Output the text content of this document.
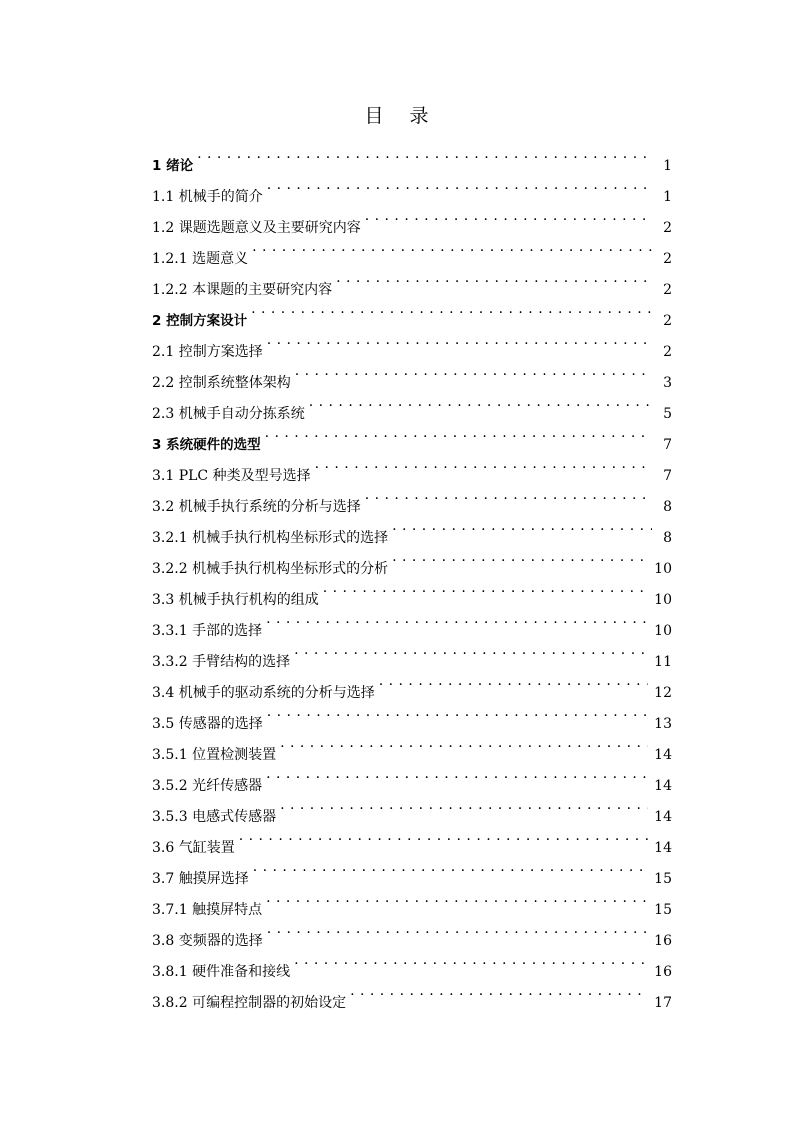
目 录
1 绪论 . . .	1
1.1 机械手的简介 . . .	1
1.2 课题选题意义及主要研究内容 . . .	2
1.2.1 选题意义 . . .	2
1.2.2 本课题的主要研究内容 . . .	2
2 控制方案设计 . . .	2
2.1 控制方案选择 . . .	2
2.2 控制系统整体架构 . . .	3
2.3 机械手自动分拣系统 . . .	5
3 系统硬件的选型 . . .	7
3.1 PLC 种类及型号选择 . . .	7
3.2 机械手执行系统的分析与选择 . . .	8
3.2.1 机械手执行机构坐标形式的选择 . . .	8
3.2.2 机械手执行机构坐标形式的分析 . . .	10
3.3 机械手执行机构的组成 . . .	10
3.3.1 手部的选择 . . .	10
3.3.2 手臂结构的选择 . . .	11
3.4 机械手的驱动系统的分析与选择 . . .	12
3.5 传感器的选择 . . .	13
3.5.1 位置检测装置 . . .	14
3.5.2 光纤传感器 . . .	14
3.5.3 电感式传感器 . . .	14
3.6 气缸装置 . . .	14
3.7 触摸屏选择 . . .	15
3.7.1 触摸屏特点 . . .	15
3.8 变频器的选择 . . .	16
3.8.1 硬件准备和接线 . . .	16
3.8.2 可编程控制器的初始设定 . . .	17
